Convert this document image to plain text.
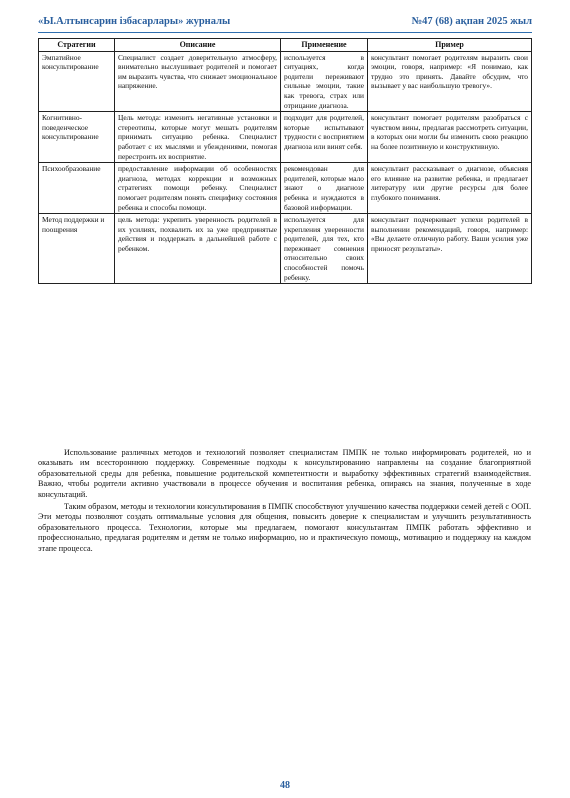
«Ы.Алтынсарин ізбасарлары» журналы	№47 (68) ақпан 2025 жыл
Стратегии	Описание	Применение	Пример
Эмпатийное консультирование	Специалист создает доверительную атмосферу, внимательно выслушивает родителей и помогает им выразить чувства, что снижает эмоциональное напряжение.	используется в ситуациях, когда родители переживают сильные эмоции, такие как тревога, страх или отрицание диагноза.	консультант помогает родителям выразить свои эмоции, говоря, например: «Я понимаю, как трудно это принять. Давайте обсудим, что вызывает у вас наибольшую тревогу».
Когнитивно-поведенческое консультирование	Цель метода: изменить негативные установки и стереотипы, которые могут мешать родителям принимать ситуацию ребенка. Специалист работает с их мыслями и убеждениями, помогая перестроить их восприятие.	подходит для родителей, которые испытывают трудности с восприятием диагноза или винят себя.	консультант помогает родителям разобраться с чувством вины, предлагая рассмотреть ситуации, в которых они могли бы изменить свою реакцию на более позитивную и конструктивную.
Психообразование	предоставление информации об особенностях диагноза, методах коррекции и возможных стратегиях помощи ребенку. Специалист помогает родителям понять специфику состояния ребенка и способы помощи.	рекомендован для родителей, которые мало знают о диагнозе ребенка и нуждаются в базовой информации.	консультант рассказывает о диагнозе, объясняя его влияние на развитие ребенка, и предлагает литературу или другие ресурсы для более глубокого понимания.
Метод поддержки и поощрения	цель метода: укрепить уверенность родителей в их усилиях, похвалить их за уже предпринятые действия и поддержать в дальнейшей работе с ребенком.	используется для укрепления уверенности родителей, для тех, кто переживает сомнения относительно своих способностей помочь ребенку.	консультант подчеркивает успехи родителей в выполнении рекомендаций, говоря, например: «Вы делаете отличную работу. Ваши усилия уже приносят результаты».

Использование различных методов и технологий позволяет специалистам ПМПК не только информировать родителей, но и оказывать им всестороннюю поддержку. Современные подходы к консультированию направлены на создание благоприятной образовательной среды для ребенка, повышение родительской компетентности и выработку эффективных стратегий взаимодействия. Важно, чтобы родители активно участвовали в процессе обучения и воспитания ребенка, опираясь на знания, полученные в ходе консультаций.

Таким образом, методы и технологии консультирования в ПМПК способствуют улучшению качества поддержки семей детей с ООП. Эти методы позволяют создать оптимальные условия для общения, повысить доверие к специалистам и улучшить результативность образовательного процесса. Технологии, которые мы предлагаем, помогают консультантам ПМПК работать эффективно и профессионально, предлагая родителям и детям не только информацию, но и практическую помощь, мотивацию и поддержку на каждом этапе процесса.

48
